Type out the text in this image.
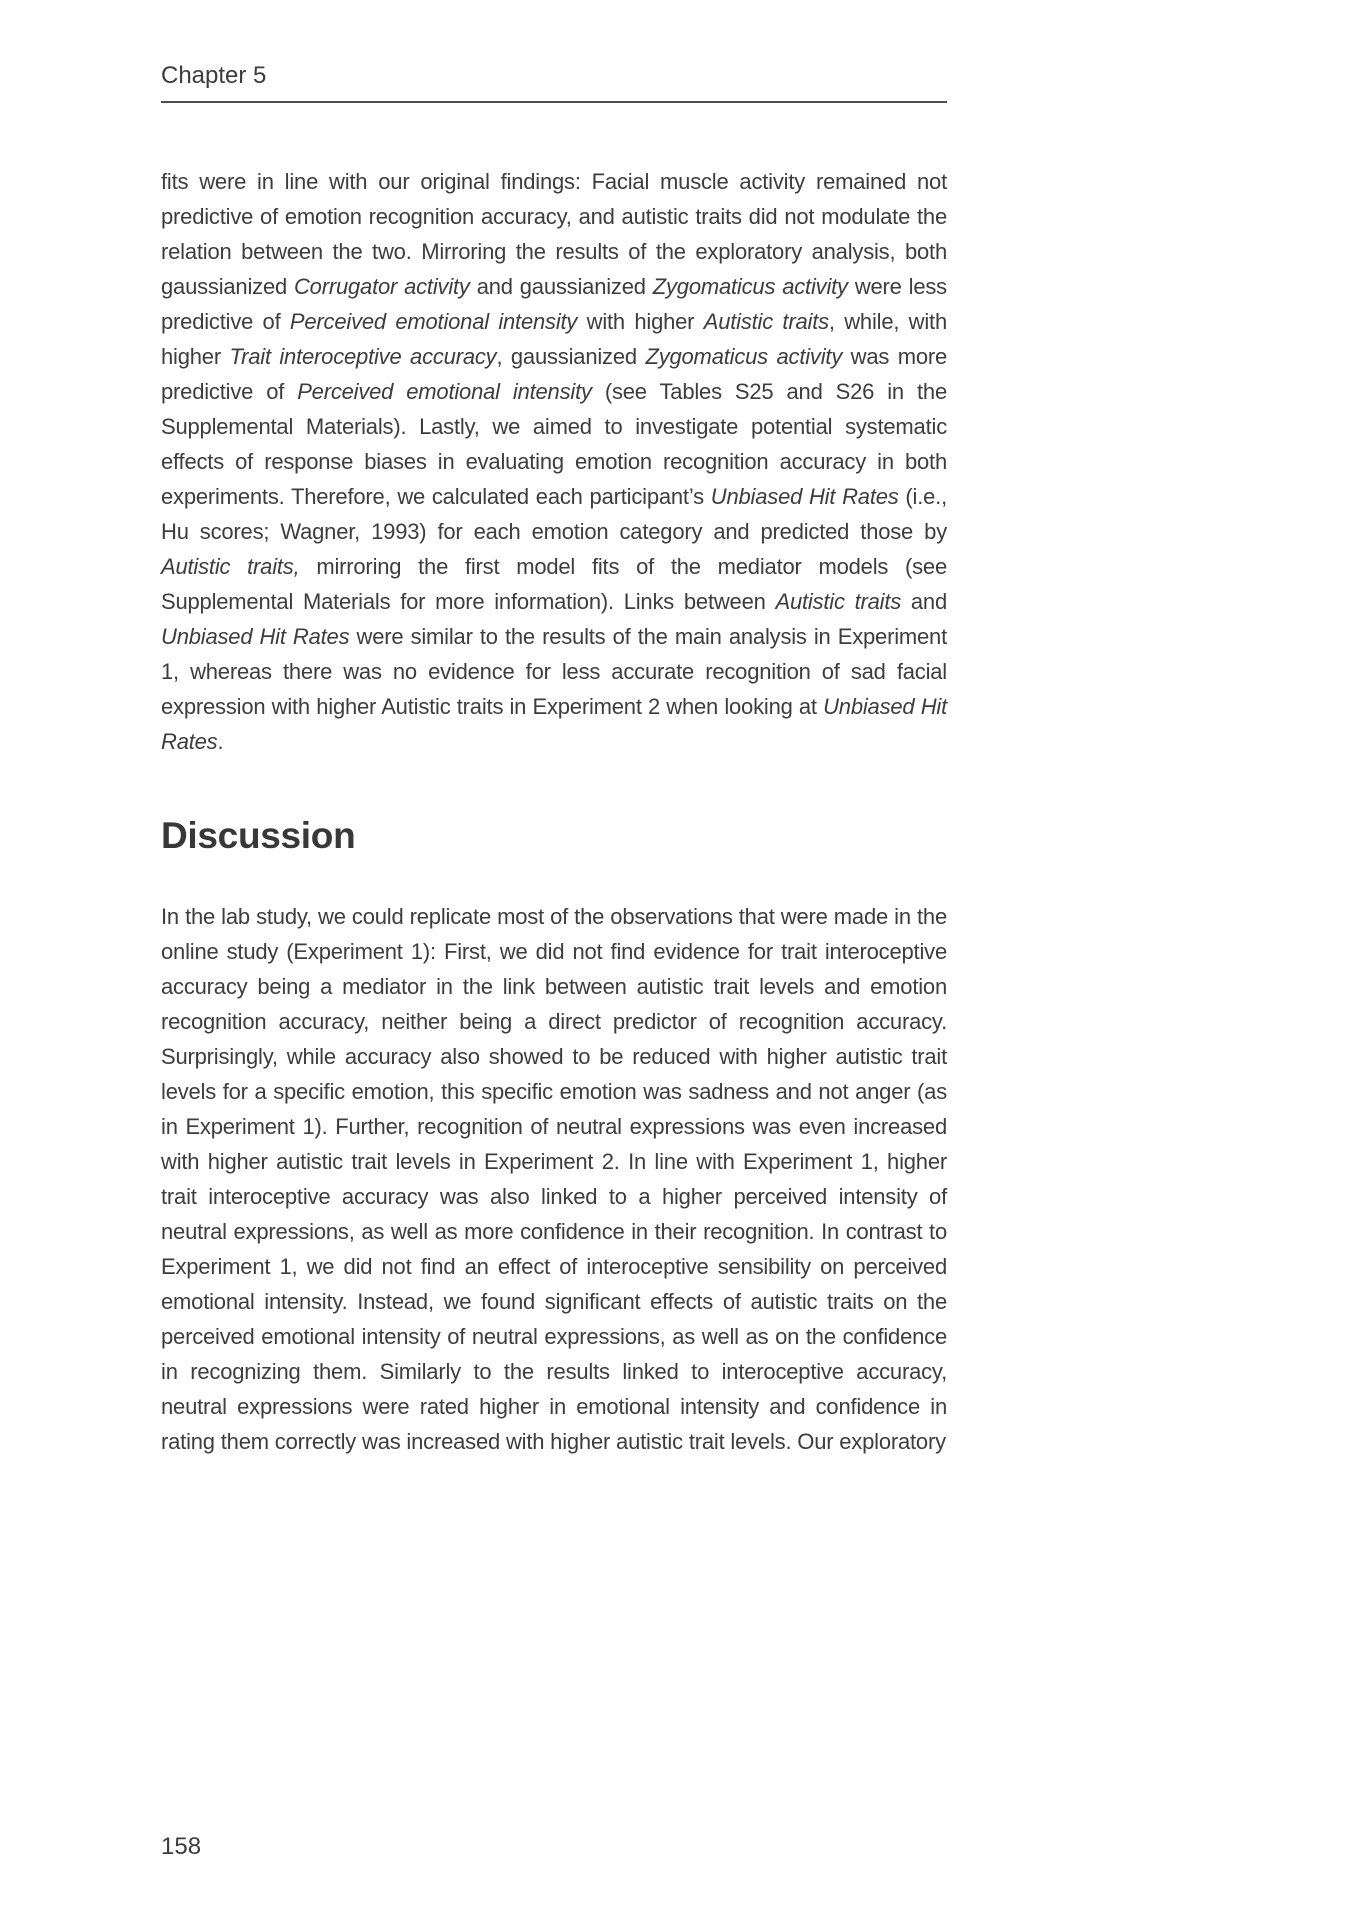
Chapter 5

fits were in line with our original findings: Facial muscle activity remained not predictive of emotion recognition accuracy, and autistic traits did not modulate the relation between the two. Mirroring the results of the exploratory analysis, both gaussianized Corrugator activity and gaussianized Zygomaticus activity were less predictive of Perceived emotional intensity with higher Autistic traits, while, with higher Trait interoceptive accuracy, gaussianized Zygomaticus activity was more predictive of Perceived emotional intensity (see Tables S25 and S26 in the Supplemental Materials). Lastly, we aimed to investigate potential systematic effects of response biases in evaluating emotion recognition accuracy in both experiments. Therefore, we calculated each participant’s Unbiased Hit Rates (i.e., Hu scores; Wagner, 1993) for each emotion category and predicted those by Autistic traits, mirroring the first model fits of the mediator models (see Supplemental Materials for more information). Links between Autistic traits and Unbiased Hit Rates were similar to the results of the main analysis in Experiment 1, whereas there was no evidence for less accurate recognition of sad facial expression with higher Autistic traits in Experiment 2 when looking at Unbiased Hit Rates.

Discussion

In the lab study, we could replicate most of the observations that were made in the online study (Experiment 1): First, we did not find evidence for trait interoceptive accuracy being a mediator in the link between autistic trait levels and emotion recognition accuracy, neither being a direct predictor of recognition accuracy. Surprisingly, while accuracy also showed to be reduced with higher autistic trait levels for a specific emotion, this specific emotion was sadness and not anger (as in Experiment 1). Further, recognition of neutral expressions was even increased with higher autistic trait levels in Experiment 2. In line with Experiment 1, higher trait interoceptive accuracy was also linked to a higher perceived intensity of neutral expressions, as well as more confidence in their recognition. In contrast to Experiment 1, we did not find an effect of interoceptive sensibility on perceived emotional intensity. Instead, we found significant effects of autistic traits on the perceived emotional intensity of neutral expressions, as well as on the confidence in recognizing them. Similarly to the results linked to interoceptive accuracy, neutral expressions were rated higher in emotional intensity and confidence in rating them correctly was increased with higher autistic trait levels. Our exploratory

158
